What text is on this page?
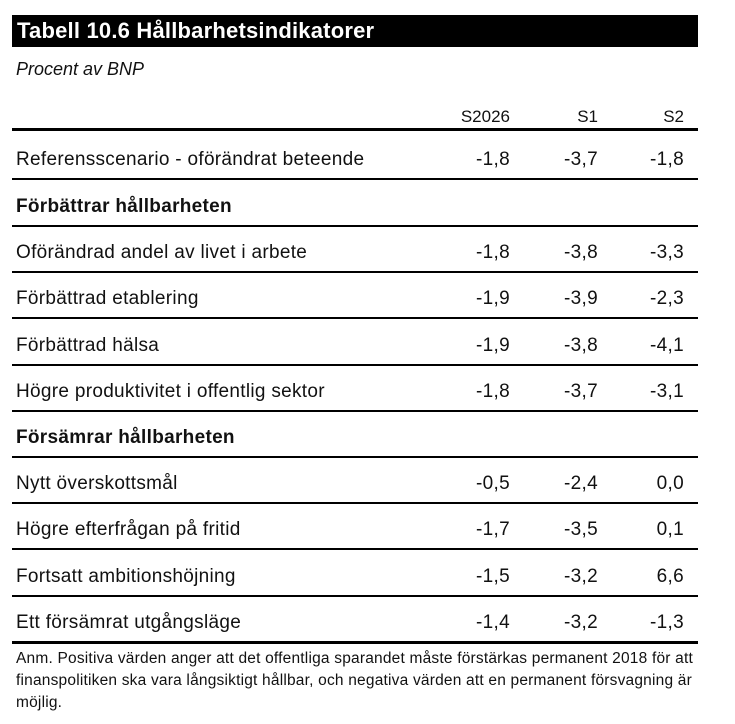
Tabell 10.6 Hållbarhetsindikatorer
Procent av BNP
S2026	S1	S2
Referensscenario - oförändrat beteende	-1,8	-3,7	-1,8
Förbättrar hållbarheten
Oförändrad andel av livet i arbete	-1,8	-3,8	-3,3
Förbättrad etablering	-1,9	-3,9	-2,3
Förbättrad hälsa	-1,9	-3,8	-4,1
Högre produktivitet i offentlig sektor	-1,8	-3,7	-3,1
Försämrar hållbarheten
Nytt överskottsmål	-0,5	-2,4	0,0
Högre efterfrågan på fritid	-1,7	-3,5	0,1
Fortsatt ambitionshöjning	-1,5	-3,2	6,6
Ett försämrat utgångsläge	-1,4	-3,2	-1,3
Anm. Positiva värden anger att det offentliga sparandet måste förstärkas permanent 2018 för att finanspolitiken ska vara långsiktigt hållbar, och negativa värden att en permanent försvagning är möjlig.
